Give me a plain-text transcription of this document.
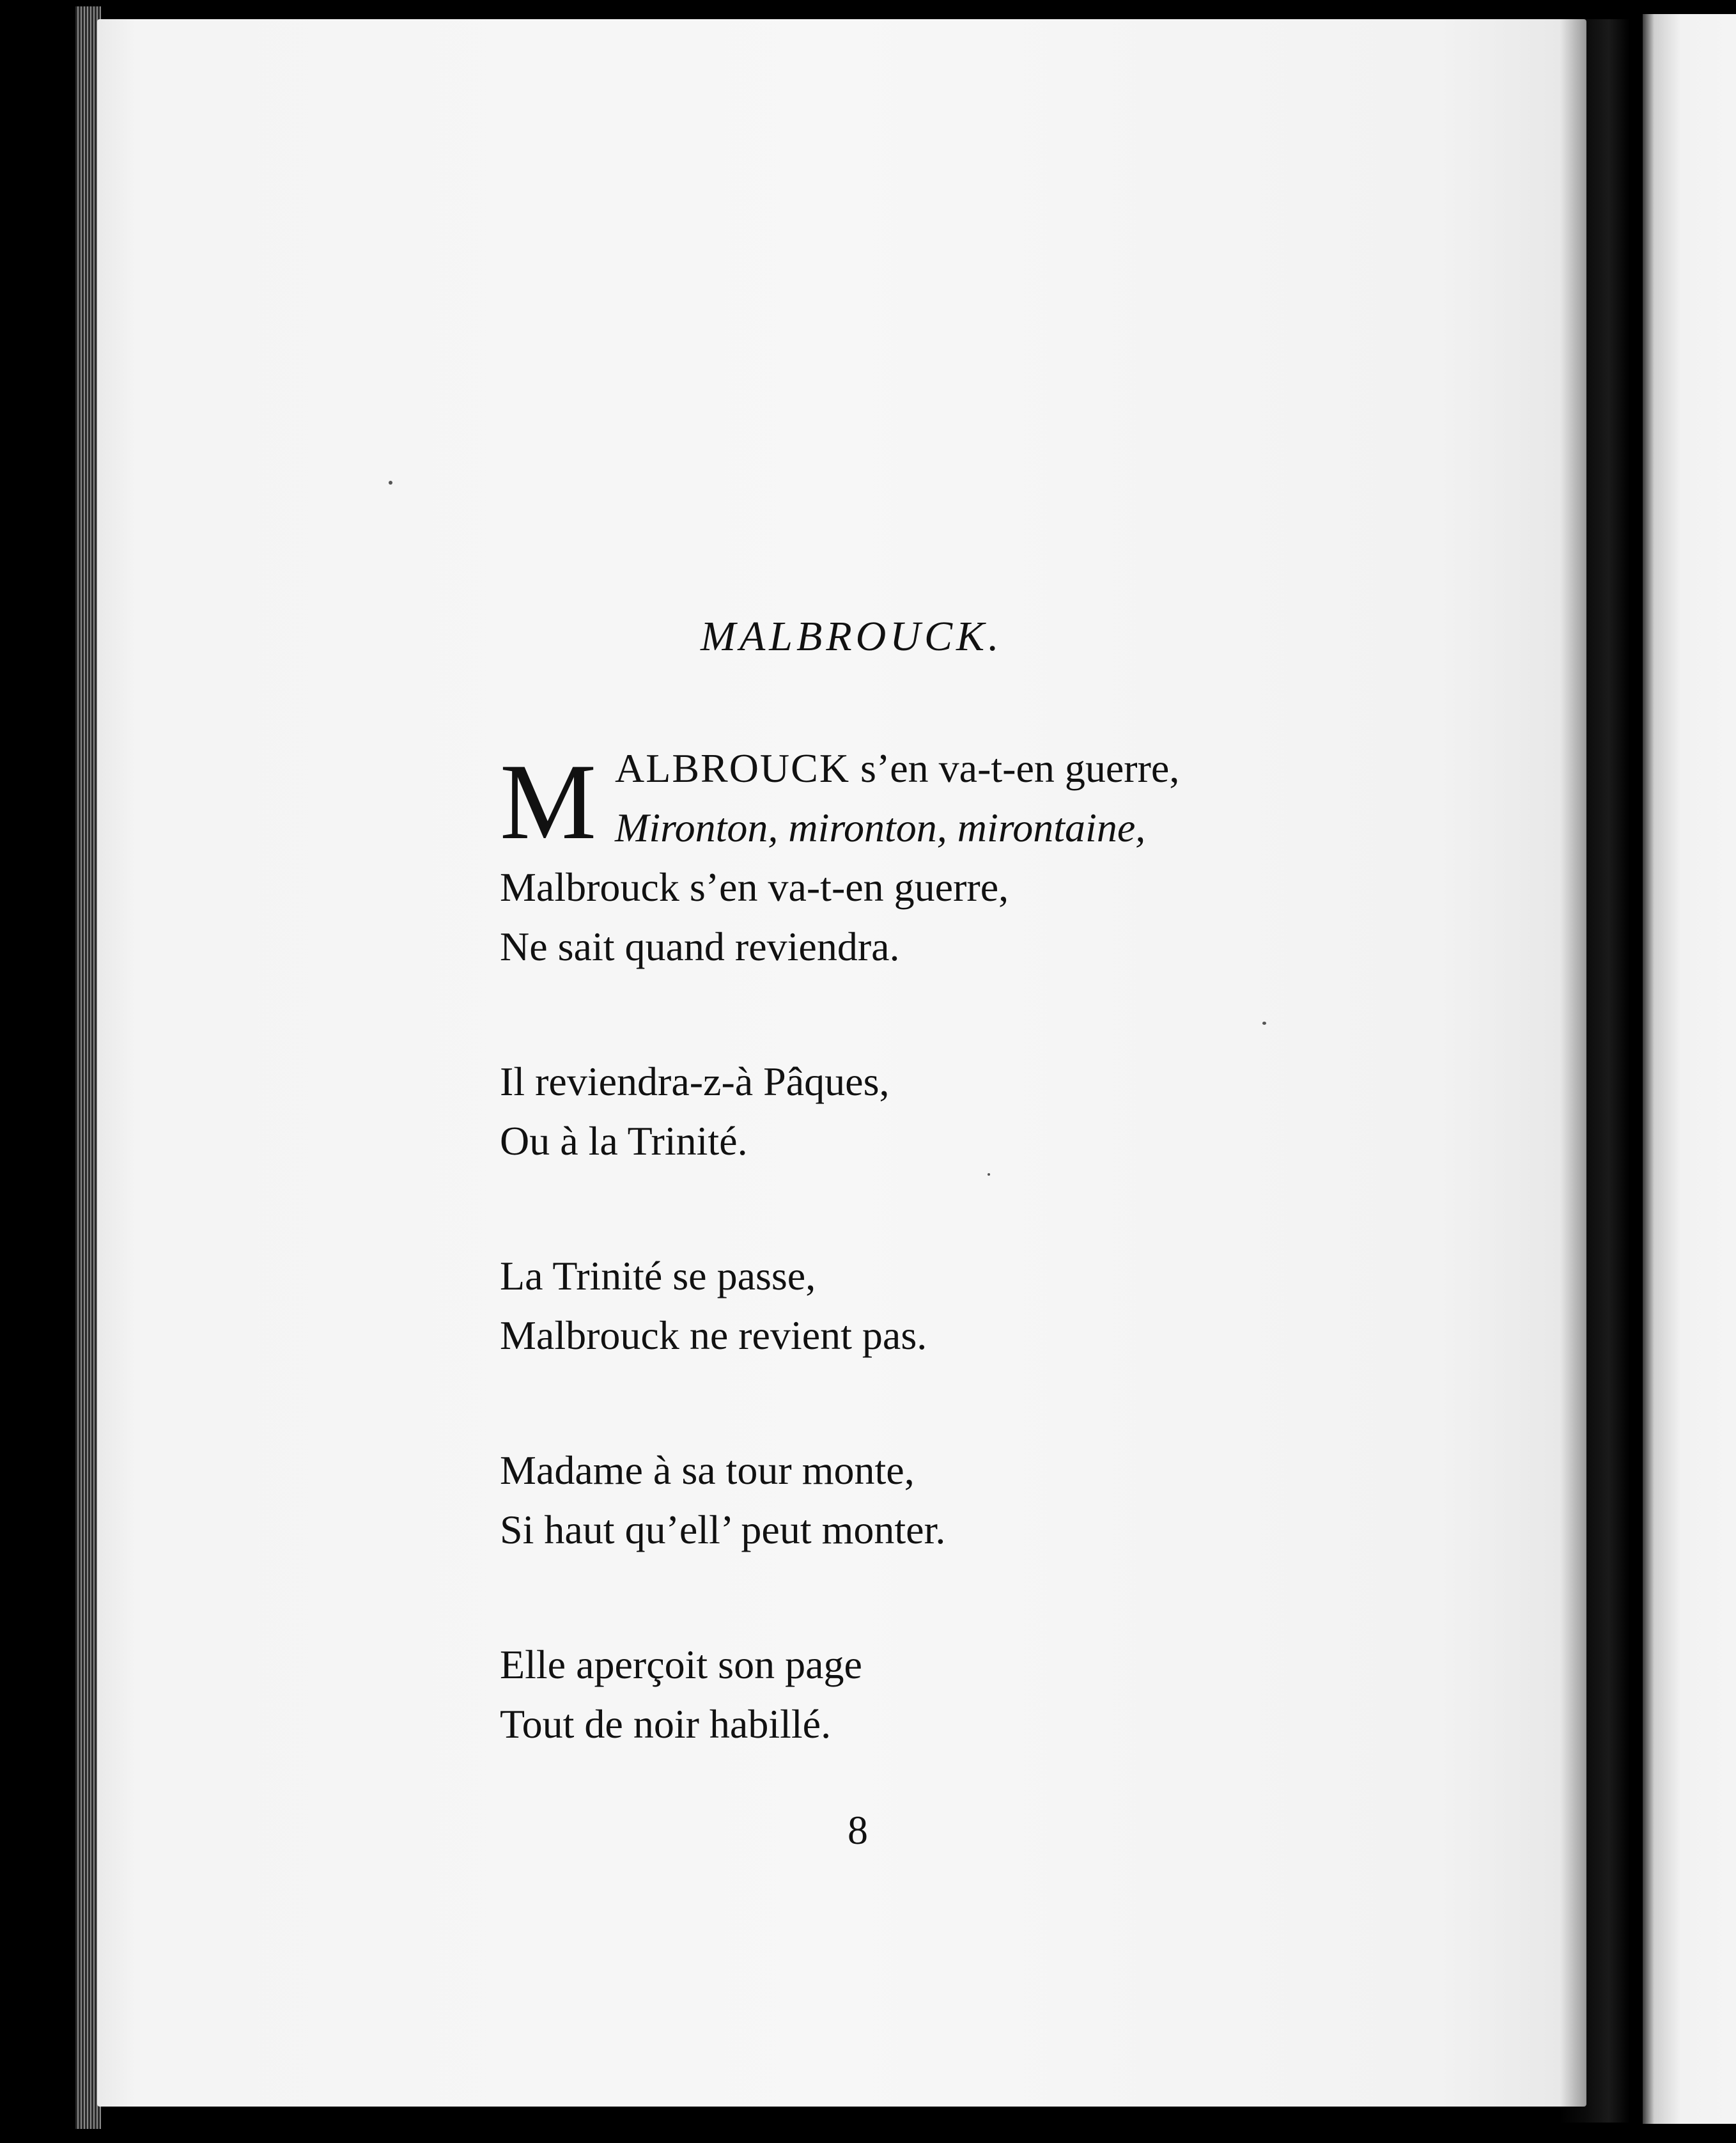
MALBROUCK.
M ALBROUCK s’en va-t-en guerre,
Mironton, mironton, mirontaine,
Malbrouck s’en va-t-en guerre,
Ne sait quand reviendra.
Il reviendra-z-à Pâques,
Ou à la Trinité.
La Trinité se passe,
Malbrouck ne revient pas.
Madame à sa tour monte,
Si haut qu’ell’ peut monter.
Elle aperçoit son page
Tout de noir habillé.
8
